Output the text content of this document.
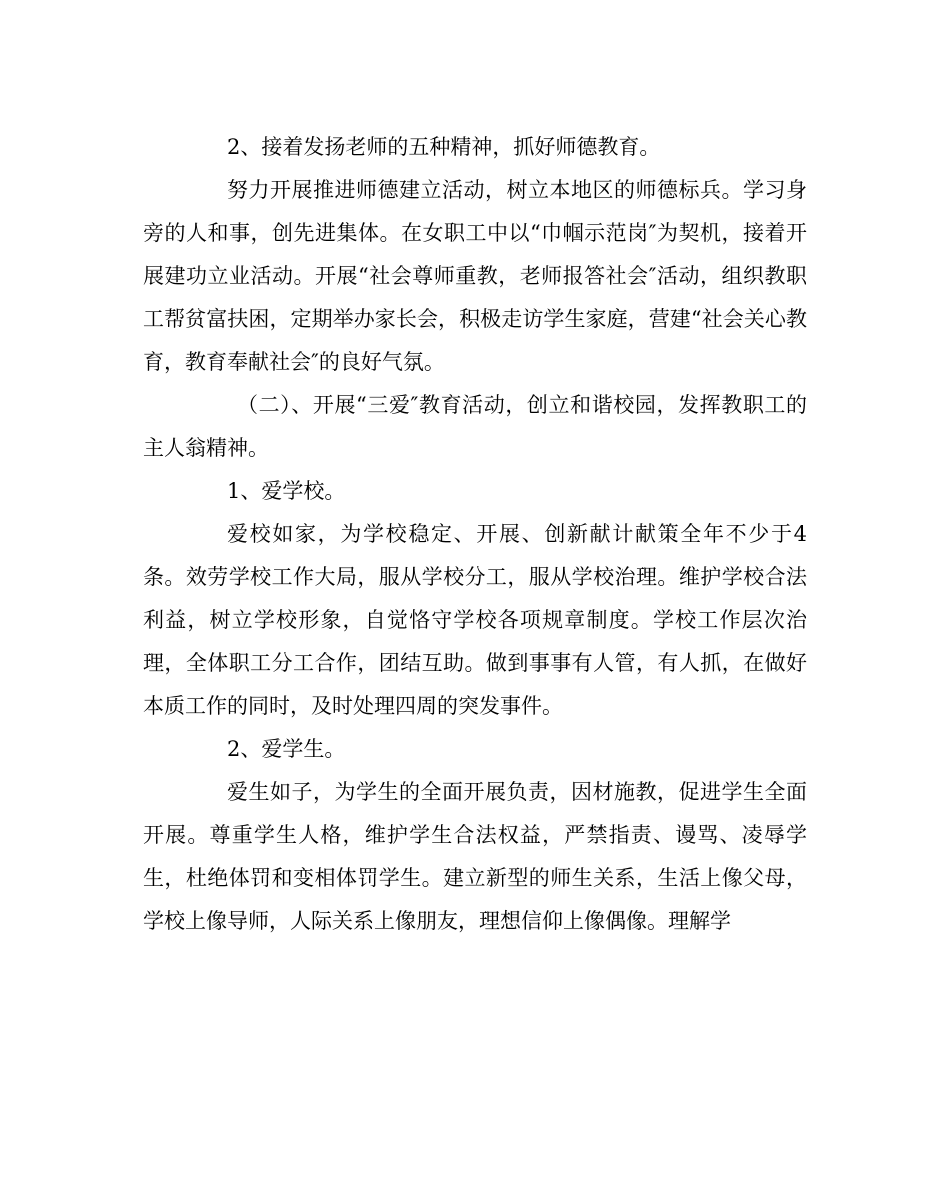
2、接着发扬老师的五种精神，抓好师德教育。

努力开展推进师德建立活动，树立本地区的师德标兵。学习身旁的人和事，创先进集体。在女职工中以“巾帼示范岗″为契机，接着开展建功立业活动。开展“社会尊师重教，老师报答社会″活动，组织教职工帮贫富扶困，定期举办家长会，积极走访学生家庭，营建“社会关心教育，教育奉献社会″的良好气氛。

（二）、开展“三爱″教育活动，创立和谐校园，发挥教职工的主人翁精神。

1、爱学校。

爱校如家，为学校稳定、开展、创新献计献策全年不少于4条。效劳学校工作大局，服从学校分工，服从学校治理。维护学校合法利益，树立学校形象，自觉恪守学校各项规章制度。学校工作层次治理，全体职工分工合作，团结互助。做到事事有人管，有人抓，在做好本质工作的同时，及时处理四周的突发事件。

2、爱学生。

爱生如子，为学生的全面开展负责，因材施教，促进学生全面开展。尊重学生人格，维护学生合法权益，严禁指责、谩骂、凌辱学生，杜绝体罚和变相体罚学生。建立新型的师生关系，生活上像父母，学校上像导师，人际关系上像朋友，理想信仰上像偶像。理解学
